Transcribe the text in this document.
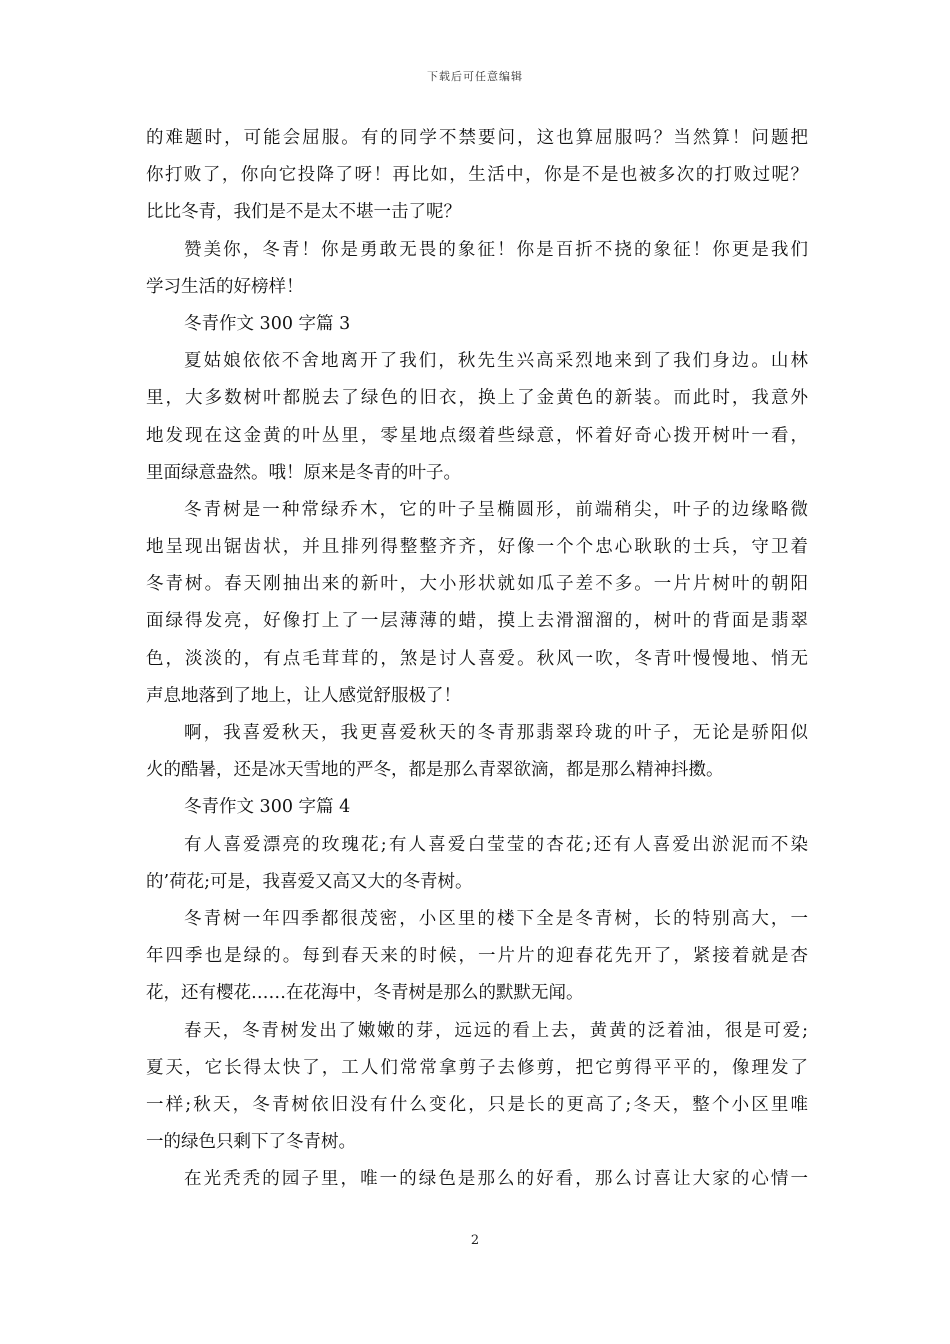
下载后可任意编辑
的难题时，可能会屈服。有的同学不禁要问，这也算屈服吗？当然算！问题把
你打败了，你向它投降了呀！再比如，生活中，你是不是也被多次的打败过呢？
比比冬青，我们是不是太不堪一击了呢？
赞美你，冬青！你是勇敢无畏的象征！你是百折不挠的象征！你更是我们
学习生活的好榜样！
冬青作文 300 字篇 3
夏姑娘依依不舍地离开了我们，秋先生兴高采烈地来到了我们身边。山林
里，大多数树叶都脱去了绿色的旧衣，换上了金黄色的新装。而此时，我意外
地发现在这金黄的叶丛里，零星地点缀着些绿意，怀着好奇心拨开树叶一看，
里面绿意盎然。哦！原来是冬青的叶子。
冬青树是一种常绿乔木，它的叶子呈椭圆形，前端稍尖，叶子的边缘略微
地呈现出锯齿状，并且排列得整整齐齐，好像一个个忠心耿耿的士兵，守卫着
冬青树。春天刚抽出来的新叶，大小形状就如瓜子差不多。一片片树叶的朝阳
面绿得发亮，好像打上了一层薄薄的蜡，摸上去滑溜溜的，树叶的背面是翡翠
色，淡淡的，有点毛茸茸的，煞是讨人喜爱。秋风一吹，冬青叶慢慢地、悄无
声息地落到了地上，让人感觉舒服极了！
啊，我喜爱秋天，我更喜爱秋天的冬青那翡翠玲珑的叶子，无论是骄阳似
火的酷暑，还是冰天雪地的严冬，都是那么青翠欲滴，都是那么精神抖擞。
冬青作文 300 字篇 4
有人喜爱漂亮的玫瑰花;有人喜爱白莹莹的杏花;还有人喜爱出淤泥而不染
的’荷花;可是，我喜爱又高又大的冬青树。
冬青树一年四季都很茂密，小区里的楼下全是冬青树，长的特别高大，一
年四季也是绿的。每到春天来的时候，一片片的迎春花先开了，紧接着就是杏
花，还有樱花……在花海中，冬青树是那么的默默无闻。
春天，冬青树发出了嫩嫩的芽，远远的看上去，黄黄的泛着油，很是可爱;
夏天，它长得太快了，工人们常常拿剪子去修剪，把它剪得平平的，像理发了
一样;秋天，冬青树依旧没有什么变化，只是长的更高了;冬天，整个小区里唯
一的绿色只剩下了冬青树。
在光秃秃的园子里，唯一的绿色是那么的好看，那么讨喜让大家的心情一
2
